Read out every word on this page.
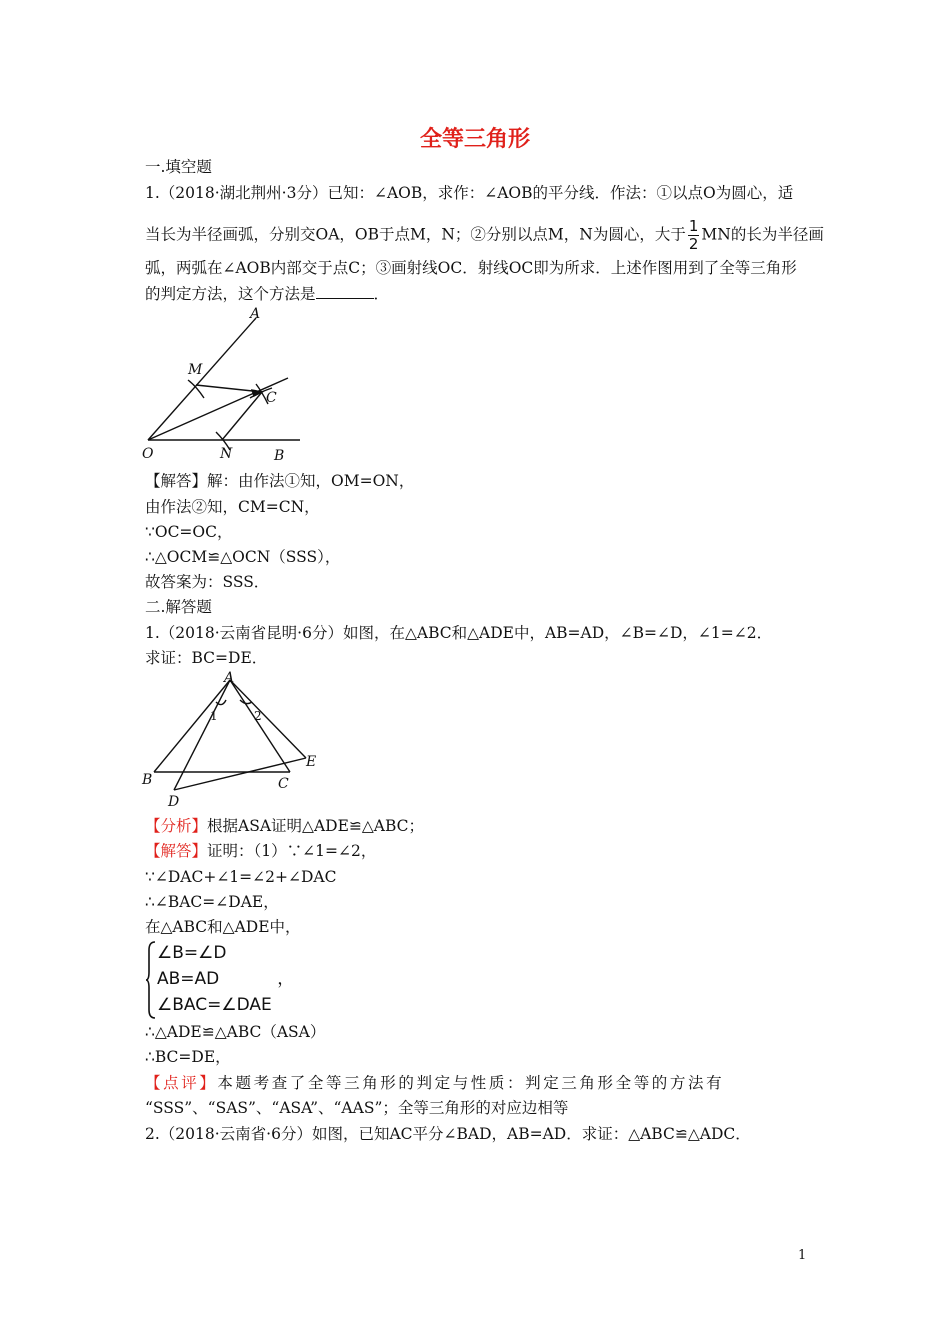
全等三角形
一.填空题
1.（2018·湖北荆州·3分）已知：∠AOB，求作：∠AOB的平分线．作法：①以点O为圆心，适
当长为半径画弧，分别交OA，OB于点M，N；②分别以点M，N为圆心，大于 $\frac{1}{2}$ MN的长为半径画
弧，两弧在∠AOB内部交于点C；③画射线OC．射线OC即为所求．上述作图用到了全等三角形
的判定方法，这个方法是	．
A
M
C
O	N	B
【解答】解：由作法①知，OM=ON，
由作法②知，CM=CN，
∵OC=OC，
∴△OCM≌△OCN（SSS），
故答案为：SSS．
二.解答题
1.（2018·云南省昆明·6分）如图，在△ABC和△ADE中，AB=AD，∠B=∠D，∠1=∠2．
求证：BC=DE．
A
1	2
B	C
D
E
【分析】根据ASA证明△ADE≌△ABC；
【解答】证明：（1）∵∠1=∠2，
∵∠DAC+∠1=∠2+∠DAC
∴∠BAC=∠DAE，
在△ABC和△ADE中，
∠B=∠D
AB=AD	，
∠BAC=∠DAE
∴△ADE≌△ABC（ASA）
∴BC=DE，
【点评】本题考查了全等三角形的判定与性质：判定三角形全等的方法有
“SSS”、“SAS”、“ASA”、“AAS”；全等三角形的对应边相等
2.（2018·云南省·6分）如图，已知AC平分∠BAD，AB=AD．求证：△ABC≌△ADC．
1
